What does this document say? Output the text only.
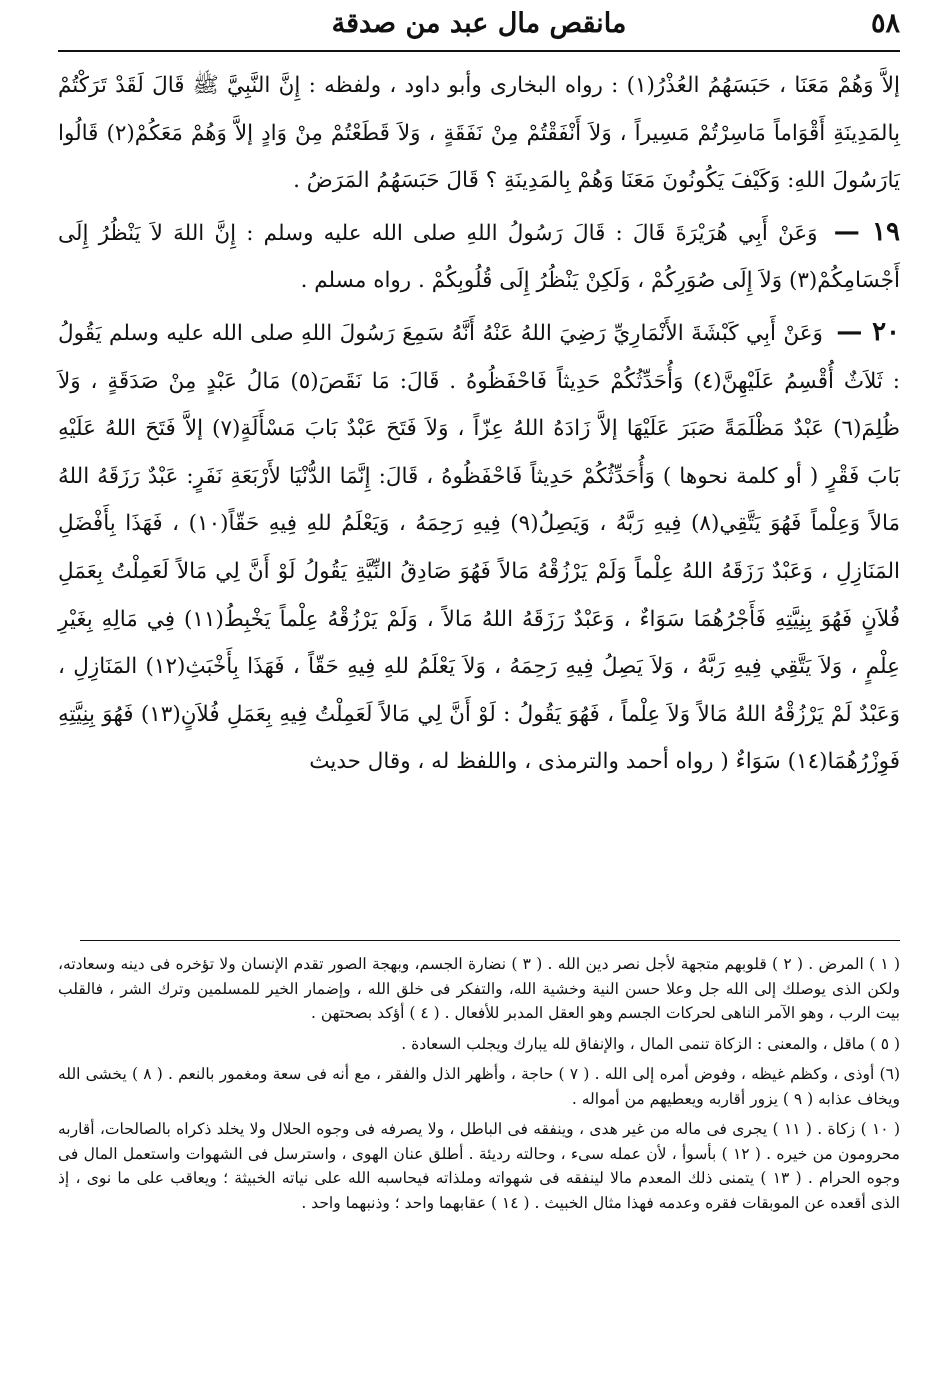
٥٨
مانقص مال عبد من صدقة

إلاَّ وَهُمْ مَعَنَا ، حَبَسَهُمُ العُذْرُ(١) : رواه البخارى وأبو داود ، ولفظه : إِنَّ النَّبِيَّ ﷺ قَالَ لَقَدْ تَرَكْتُمْ بِالمَدِينَةِ أَقْوَاماً مَاسِرْتُمْ مَسِيراً ، وَلاَ أَنْفَقْتُمْ مِنْ نَفَقَةٍ ، وَلاَ قَطَعْتُمْ مِنْ وَادٍ إلاَّ وَهُمْ مَعَكُمْ(٢) قَالُوا يَارَسُولَ اللهِ: وَكَيْفَ يَكُونُونَ مَعَنَا وَهُمْ بِالمَدِينَةِ ؟ قَالَ حَبَسَهُمُ المَرَضُ .

١٩ — وَعَنْ أَبِي هُرَيْرَةَ قَالَ : قَالَ رَسُولُ اللهِ صلى الله عليه وسلم : إِنَّ اللهَ لاَ يَنْظُرُ إِلَى أَجْسَامِكُمْ(٣) وَلاَ إِلَى صُوَرِكُمْ ، وَلَكِنْ يَنْظُرُ إِلَى قُلُوبِكُمْ . رواه مسلم .

٢٠ — وَعَنْ أَبِي كَبْشَةَ الأَنْمَارِيِّ رَضِيَ اللهُ عَنْهُ أَنَّهُ سَمِعَ رَسُولَ اللهِ صلى الله عليه وسلم يَقُولُ : ثَلاَثٌ أُقْسِمُ عَلَيْهِنَّ(٤) وَأُحَدِّثُكُمْ حَدِيثاً فَاحْفَظُوهُ . قَالَ: مَا نَقَصَ(٥) مَالُ عَبْدٍ مِنْ صَدَقَةٍ ، وَلاَ ظُلِمَ(٦) عَبْدٌ مَظْلَمَةً صَبَرَ عَلَيْهَا إلاَّ زَادَهُ اللهُ عِزّاً ، وَلاَ فَتَحَ عَبْدٌ بَابَ مَسْأَلَةٍ(٧) إلاَّ فَتَحَ اللهُ عَلَيْهِ بَابَ فَقْرٍ ( أو كلمة نحوها ) وَأُحَدِّثُكُمْ حَدِيثاً فَاحْفَظُوهُ ، قَالَ: إِنَّمَا الدُّنْيَا لأَرْبَعَةِ نَفَرٍ: عَبْدٌ رَزَقَهُ اللهُ مَالاً وَعِلْماً فَهُوَ يَتَّقِي(٨) فِيهِ رَبَّهُ ، وَيَصِلُ(٩) فِيهِ رَحِمَهُ ، وَيَعْلَمُ للهِ فِيهِ حَقّاً(١٠) ، فَهَذَا بِأَفْضَلِ المَنَازِلِ ، وَعَبْدٌ رَزَقَهُ اللهُ عِلْماً وَلَمْ يَرْزُقْهُ مَالاً فَهُوَ صَادِقُ النِّيَّةِ يَقُولُ لَوْ أَنَّ لِي مَالاً لَعَمِلْتُ بِعَمَلِ فُلاَنٍ فَهُوَ بِنِيَّتِهِ فَأَجْرُهُمَا سَوَاءٌ ، وَعَبْدٌ رَزَقَهُ اللهُ مَالاً ، وَلَمْ يَرْزُقْهُ عِلْماً يَخْبِطُ(١١) فِي مَالِهِ بِغَيْرِ عِلْمٍ ، وَلاَ يَتَّقِي فِيهِ رَبَّهُ ، وَلاَ يَصِلُ فِيهِ رَحِمَهُ ، وَلاَ يَعْلَمُ للهِ فِيهِ حَقّاً ، فَهَذَا بِأَخْبَثِ(١٢) المَنَازِلِ ، وَعَبْدٌ لَمْ يَرْزُقْهُ اللهُ مَالاً وَلاَ عِلْماً ، فَهُوَ يَقُولُ : لَوْ أَنَّ لِي مَالاً لَعَمِلْتُ فِيهِ بِعَمَلِ فُلاَنٍ(١٣) فَهُوَ بِنِيَّتِهِ فَوِزْرُهُمَا(١٤) سَوَاءٌ ( رواه أحمد والترمذى ، واللفظ له ، وقال حديث

( ١ ) المرض . ( ٢ ) قلوبهم متجهة لأجل نصر دين الله . ( ٣ ) نضارة الجسم، وبهجة الصور تقدم الإنسان ولا تؤخره فى دينه وسعادته، ولكن الذى يوصلك إلى الله جل وعلا حسن النية وخشية الله، والتفكر فى خلق الله ، وإضمار الخير للمسلمين وترك الشر ، فالقلب بيت الرب ، وهو الآمر الناهى لحركات الجسم وهو العقل المدبر للأفعال . ( ٤ ) أؤكد بصحتهن .

( ٥ ) ماقل ، والمعنى : الزكاة تنمى المال ، والإنفاق لله يبارك ويجلب السعادة .

(٦) أوذى ، وكظم غيظه ، وفوض أمره إلى الله . ( ٧ ) حاجة ، وأظهر الذل والفقر ، مع أنه فى سعة ومغمور بالنعم . ( ٨ ) يخشى الله ويخاف عذابه ( ٩ ) يزور أقاربه ويعطيهم من أمواله .

( ١٠ ) زكاة . ( ١١ ) يجرى فى ماله من غير هدى ، وينفقه فى الباطل ، ولا يصرفه فى وجوه الحلال ولا يخلد ذكراه بالصالحات، أقاربه محرومون من خيره . ( ١٢ ) بأسوأ ، لأن عمله سىء ، وحالته رديئة . أطلق عنان الهوى ، واسترسل فى الشهوات واستعمل المال فى وجوه الحرام . ( ١٣ ) يتمنى ذلك المعدم مالا لينفقه فى شهواته وملذاته فيحاسبه الله على نياته الخبيثة ؛ ويعاقب على ما نوى ، إذ الذى أقعده عن الموبقات فقره وعدمه فهذا مثال الخبيث . ( ١٤ ) عقابهما واحد ؛ وذنبهما واحد .
